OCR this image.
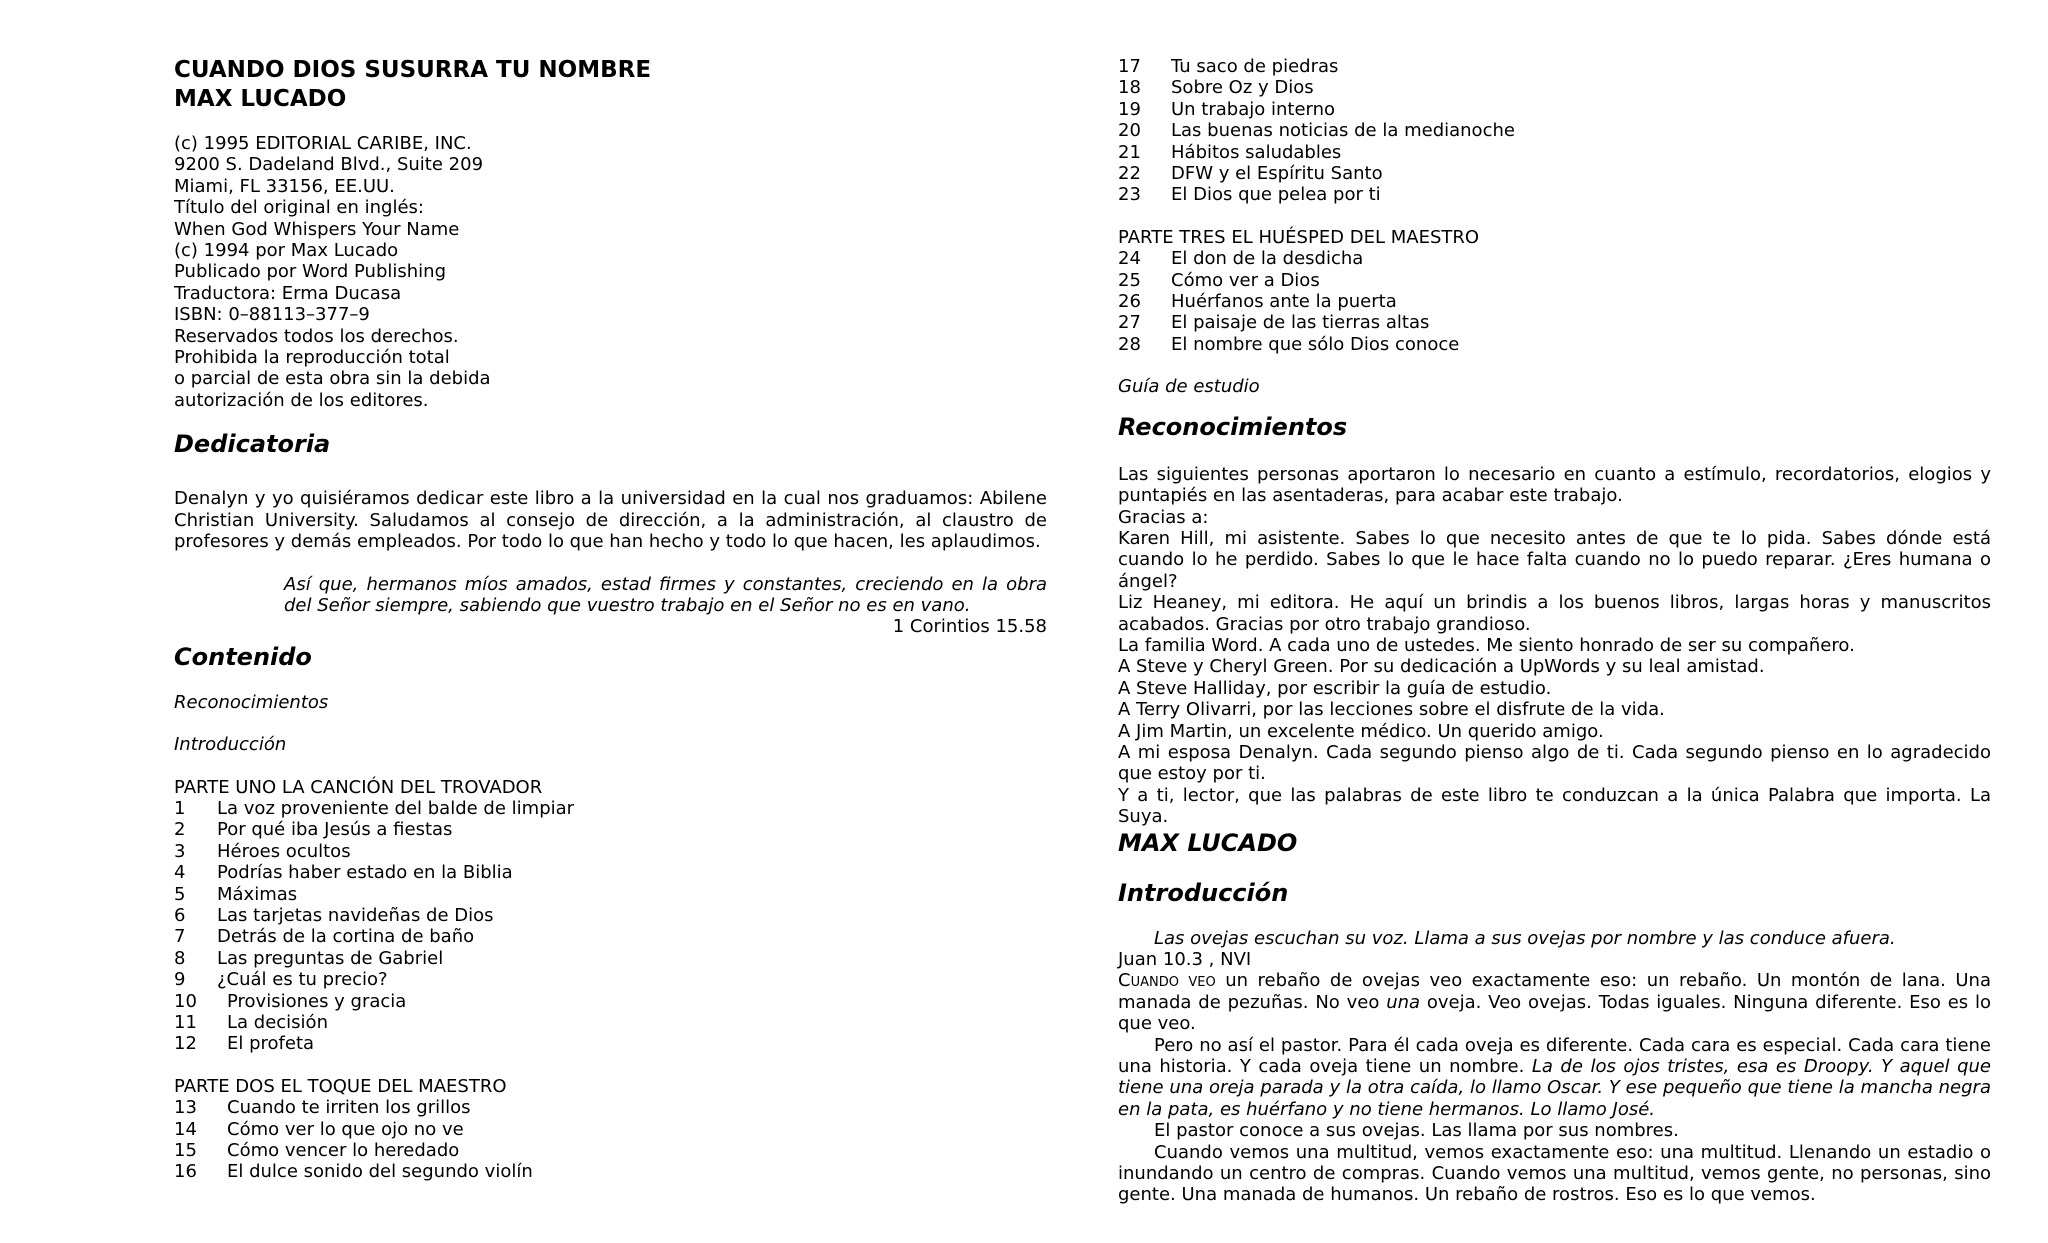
CUANDO DIOS SUSURRA TU NOMBRE
MAX LUCADO
(c) 1995 EDITORIAL CARIBE, INC.
9200 S. Dadeland Blvd., Suite 209
Miami, FL 33156, EE.UU.
Título del original en inglés:
When God Whispers Your Name
(c) 1994 por Max Lucado
Publicado por Word Publishing
Traductora: Erma Ducasa
ISBN: 0–88113–377–9
Reservados todos los derechos.
Prohibida la reproducción total
o parcial de esta obra sin la debida
autorización de los editores.
Dedicatoria

Denalyn y yo quisiéramos dedicar este libro a la universidad en la cual nos graduamos: Abilene Christian University. Saludamos al consejo de dirección, a la administración, al claustro de profesores y demás empleados. Por todo lo que han hecho y todo lo que hacen, les aplaudimos.

Así que, hermanos míos amados, estad firmes y constantes, creciendo en la obra del Señor siempre, sabiendo que vuestro trabajo en el Señor no es en vano.

1 Corintios 15.58

Contenido
Reconocimientos
Introducción
PARTE UNO LA CANCIÓN DEL TROVADOR
1	La voz proveniente del balde de limpiar
2	Por qué iba Jesús a fiestas
3	Héroes ocultos
4	Podrías haber estado en la Biblia
5	Máximas
6	Las tarjetas navideñas de Dios
7	Detrás de la cortina de baño
8	Las preguntas de Gabriel
9	¿Cuál es tu precio?
10	Provisiones y gracia
11	La decisión
12	El profeta
PARTE DOS EL TOQUE DEL MAESTRO
13	Cuando te irriten los grillos
14	Cómo ver lo que ojo no ve
15	Cómo vencer lo heredado
16	El dulce sonido del segundo violín
17	Tu saco de piedras
18	Sobre Oz y Dios
19	Un trabajo interno
20	Las buenas noticias de la medianoche
21	Hábitos saludables
22	DFW y el Espíritu Santo
23	El Dios que pelea por ti
PARTE TRES EL HUÉSPED DEL MAESTRO
24	El don de la desdicha
25	Cómo ver a Dios
26	Huérfanos ante la puerta
27	El paisaje de las tierras altas
28	El nombre que sólo Dios conoce
Guía de estudio
Reconocimientos

Las siguientes personas aportaron lo necesario en cuanto a estímulo, recordatorios, elogios y puntapiés en las asentaderas, para acabar este trabajo.

Gracias a:

Karen Hill, mi asistente. Sabes lo que necesito antes de que te lo pida. Sabes dónde está cuando lo he perdido. Sabes lo que le hace falta cuando no lo puedo reparar. ¿Eres humana o ángel?

Liz Heaney, mi editora. He aquí un brindis a los buenos libros, largas horas y manuscritos acabados. Gracias por otro trabajo grandioso.

La familia Word. A cada uno de ustedes. Me siento honrado de ser su compañero.

A Steve y Cheryl Green. Por su dedicación a UpWords y su leal amistad.

A Steve Halliday, por escribir la guía de estudio.

A Terry Olivarri, por las lecciones sobre el disfrute de la vida.

A Jim Martin, un excelente médico. Un querido amigo.

A mi esposa Denalyn. Cada segundo pienso algo de ti. Cada segundo pienso en lo agradecido que estoy por ti.

Y a ti, lector, que las palabras de este libro te conduzcan a la única Palabra que importa. La Suya.

MAX LUCADO
Introducción

Las ovejas escuchan su voz. Llama a sus ovejas por nombre y las conduce afuera.

Juan 10.3 , NVI

Cuando veo un rebaño de ovejas veo exactamente eso: un rebaño. Un montón de lana. Una manada de pezuñas. No veo una oveja. Veo ovejas. Todas iguales. Ninguna diferente. Eso es lo que veo.

Pero no así el pastor. Para él cada oveja es diferente. Cada cara es especial. Cada cara tiene una historia. Y cada oveja tiene un nombre. La de los ojos tristes, esa es Droopy. Y aquel que tiene una oreja parada y la otra caída, lo llamo Oscar. Y ese pequeño que tiene la mancha negra en la pata, es huérfano y no tiene hermanos. Lo llamo José.

El pastor conoce a sus ovejas. Las llama por sus nombres.

Cuando vemos una multitud, vemos exactamente eso: una multitud. Llenando un estadio o inundando un centro de compras. Cuando vemos una multitud, vemos gente, no personas, sino gente. Una manada de humanos. Un rebaño de rostros. Eso es lo que vemos.
